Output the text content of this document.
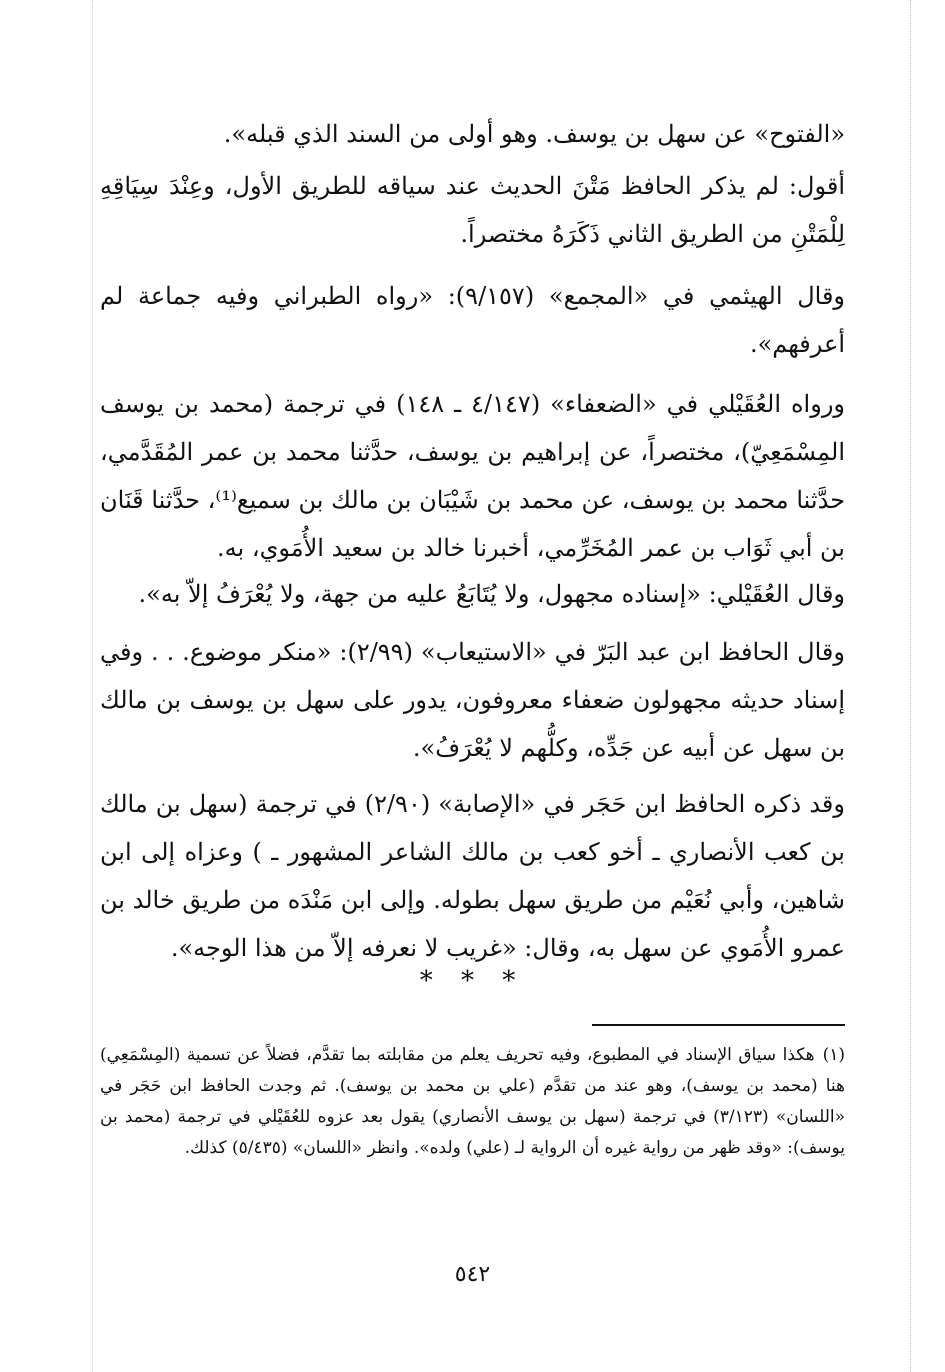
«الفتوح» عن سهل بن يوسف. وهو أولى من السند الذي قبله».

أقول: لم يذكر الحافظ مَتْنَ الحديث عند سياقه للطريق الأول، وعِنْدَ سِيَاقِهِ لِلْمَتْنِ من الطريق الثاني ذَكَرَهُ مختصراً.

وقال الهيثمي في «المجمع» (٩/١٥٧): «رواه الطبراني وفيه جماعة لم أعرفهم».

ورواه العُقَيْلي في «الضعفاء» (٤/١٤٧ ـ ١٤٨) في ترجمة (محمد بن يوسف المِسْمَعِيّ)، مختصراً، عن إبراهيم بن يوسف، حدَّثنا محمد بن عمر المُقَدَّمي، حدَّثنا محمد بن يوسف، عن محمد بن شَيْبَان بن مالك بن سميع⁽¹⁾، حدَّثنا قَنَان بن أبي ثَوَاب بن عمر المُخَرِّمي، أخبرنا خالد بن سعيد الأُمَوي، به.

وقال العُقَيْلي: «إسناده مجهول، ولا يُتَابَعُ عليه من جهة، ولا يُعْرَفُ إلاّ به».

وقال الحافظ ابن عبد البَرّ في «الاستيعاب» (٢/٩٩): «منكر موضوع. . . وفي إسناد حديثه مجهولون ضعفاء معروفون، يدور على سهل بن يوسف بن مالك بن سهل عن أبيه عن جَدِّه، وكلُّهم لا يُعْرَفُ».

وقد ذكره الحافظ ابن حَجَر في «الإصابة» (٢/٩٠) في ترجمة (سهل بن مالك بن كعب الأنصاري ـ أخو كعب بن مالك الشاعر المشهور ـ ) وعزاه إلى ابن شاهين، وأبي نُعَيْم من طريق سهل بطوله. وإلى ابن مَنْدَه من طريق خالد بن عمرو الأُمَوي عن سهل به، وقال: «غريب لا نعرفه إلاّ من هذا الوجه».

* * *

(١)هكذا سياق الإسناد في المطبوع، وفيه تحريف يعلم من مقابلته بما تقدَّم، فضلاً عن تسمية (المِسْمَعِي) هنا (محمد بن يوسف)، وهو عند من تقدَّم (علي بن محمد بن يوسف). ثم وجدت الحافظ ابن حَجَر في «اللسان» (٣/١٢٣) في ترجمة (سهل بن يوسف الأنصاري) يقول بعد عزوه للعُقَيْلي في ترجمة (محمد بن يوسف): «وقد ظهر من رواية غيره أن الرواية لـ (علي) ولده». وانظر «اللسان» (٥/٤٣٥) كذلك.

٥٤٢
